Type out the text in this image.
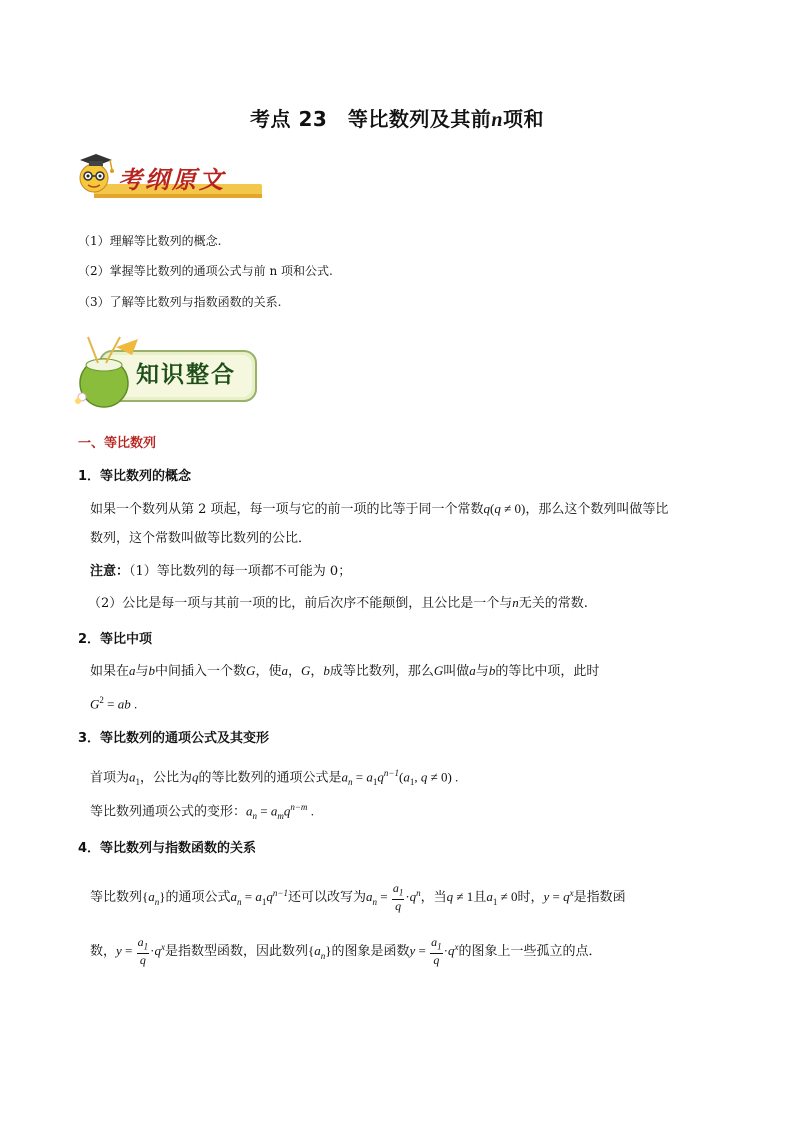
考点 23　等比数列及其前n项和
考纲原文
（1）理解等比数列的概念.
（2）掌握等比数列的通项公式与前 n 项和公式.
（3）了解等比数列与指数函数的关系.
知识整合
一、等比数列
1．等比数列的概念
如果一个数列从第 2 项起，每一项与它的前一项的比等于同一个常数q(q ≠ 0)，那么这个数列叫做等比
数列，这个常数叫做等比数列的公比．
注意：（1）等比数列的每一项都不可能为 0；
（2）公比是每一项与其前一项的比，前后次序不能颠倒，且公比是一个与n无关的常数.
2．等比中项
如果在a与b中间插入一个数G，使a，G，b成等比数列，那么G叫做a与b的等比中项，此时
$G^2$ = ab .
3．等比数列的通项公式及其变形
首项为$a_1$，公比为q的等比数列的通项公式是$a_n = a_1q^{n-1}(a_1$, q ≠ 0) .
等比数列通项公式的变形：$a_n = a_mq^{n-m}$ .
4．等比数列与指数函数的关系
等比数列$\{a_n\}$的通项公式$a_n = a_1q^{n-1}$还可以改写为$a_n = \frac{a_1}{q} \cdot q^n$，当q ≠ 1且$a_1 \ne 0$时，$y = q^x$是指数函
数，$y = \frac{a_1}{q} \cdot q^x$是指数型函数，因此数列$\{a_n\}$的图象是函数$y = \frac{a_1}{q} \cdot q^x$的图象上一些孤立的点．
